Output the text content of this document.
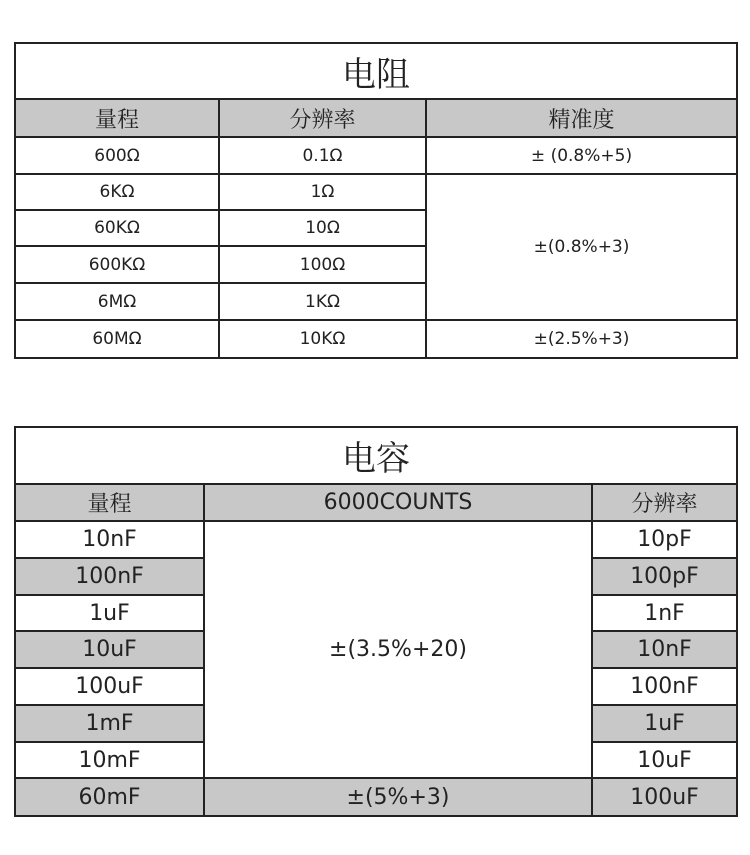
电阻		
量程	分辨率	精准度
600Ω	0.1Ω	± (0.8%+5)
6KΩ	1Ω	±(0.8%+3)
60KΩ	10Ω	
600KΩ	100Ω	
6MΩ	1KΩ	
60MΩ	10KΩ	±(2.5%+3)
电容		
量程	6000COUNTS	分辨率
10nF	±(3.5%+20)	10pF
100nF		100pF
1uF		1nF
10uF		10nF
100uF		100nF
1mF		1uF
10mF		10uF
60mF	±(5%+3)	100uF
